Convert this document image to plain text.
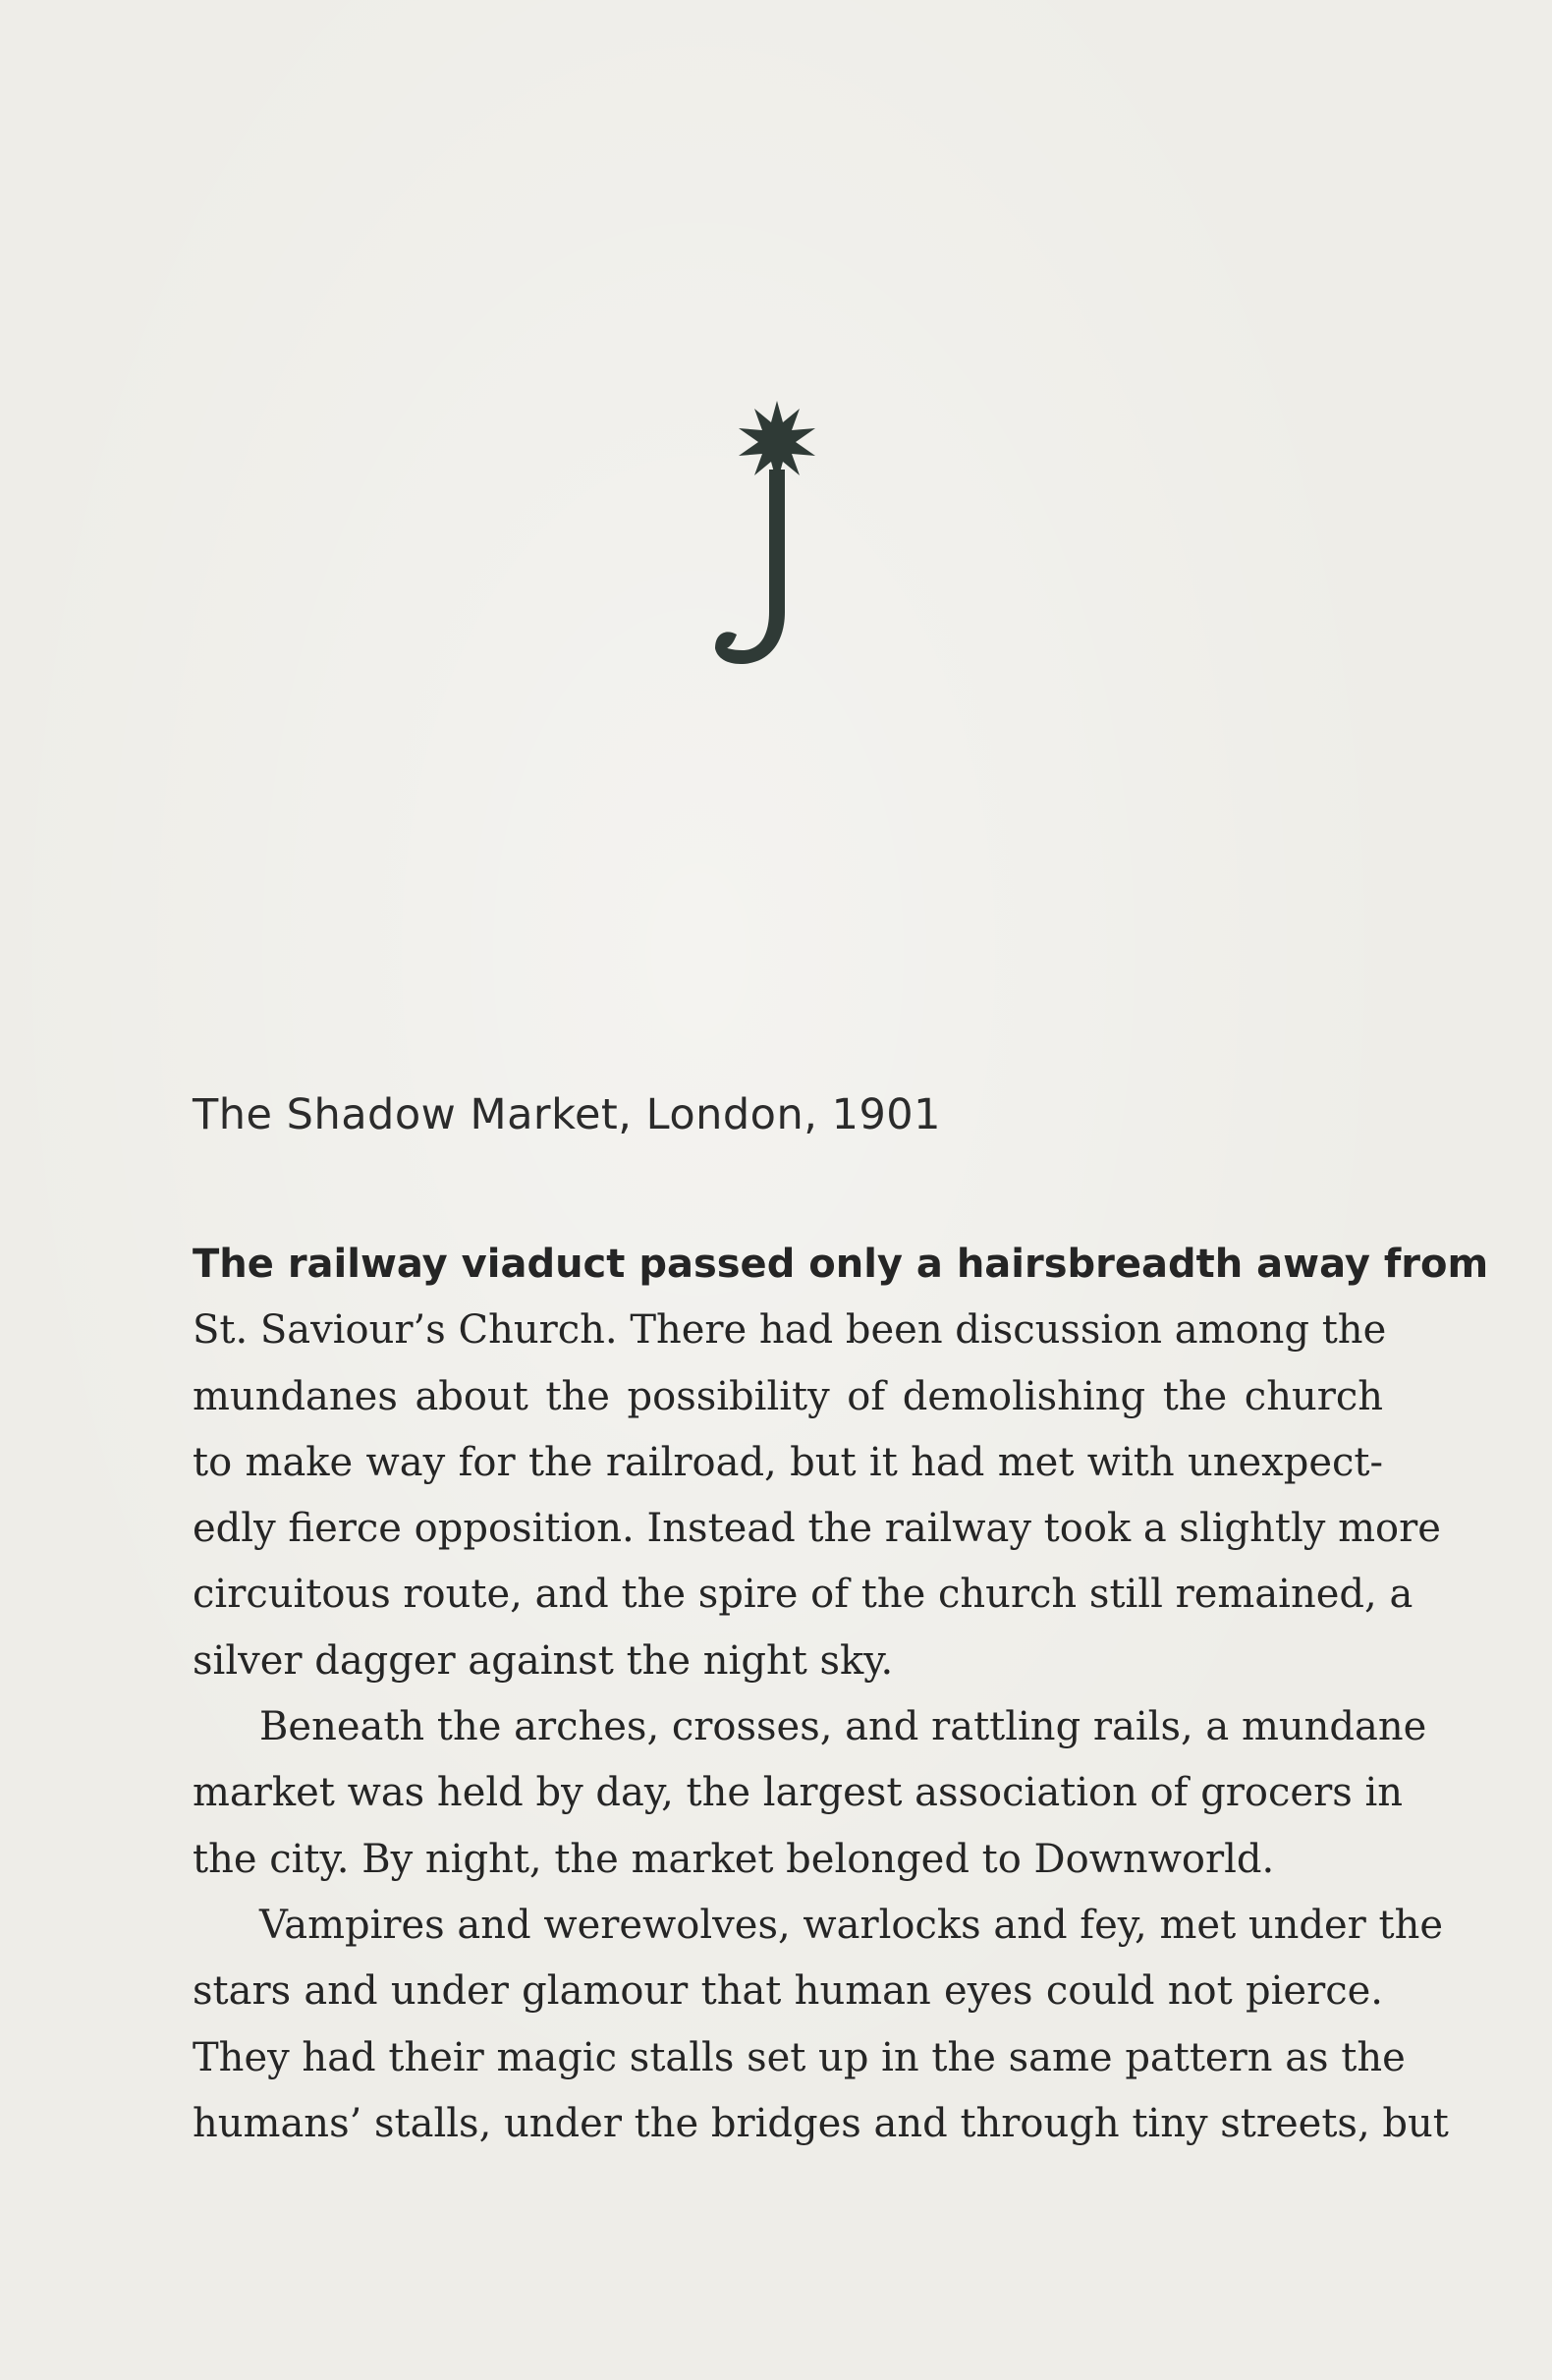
The Shadow Market, London, 1901

The railway viaduct passed only a hairsbreadth away from
St. Saviour’s Church. There had been discussion among the
mundanes about the possibility of demolishing the church
to make way for the railroad, but it had met with unexpect-
edly fierce opposition. Instead the railway took a slightly more
circuitous route, and the spire of the church still remained, a
silver dagger against the night sky.

Beneath the arches, crosses, and rattling rails, a mundane
market was held by day, the largest association of grocers in
the city. By night, the market belonged to Downworld.

Vampires and werewolves, warlocks and fey, met under the
stars and under glamour that human eyes could not pierce.
They had their magic stalls set up in the same pattern as the
humans’ stalls, under the bridges and through tiny streets, but
